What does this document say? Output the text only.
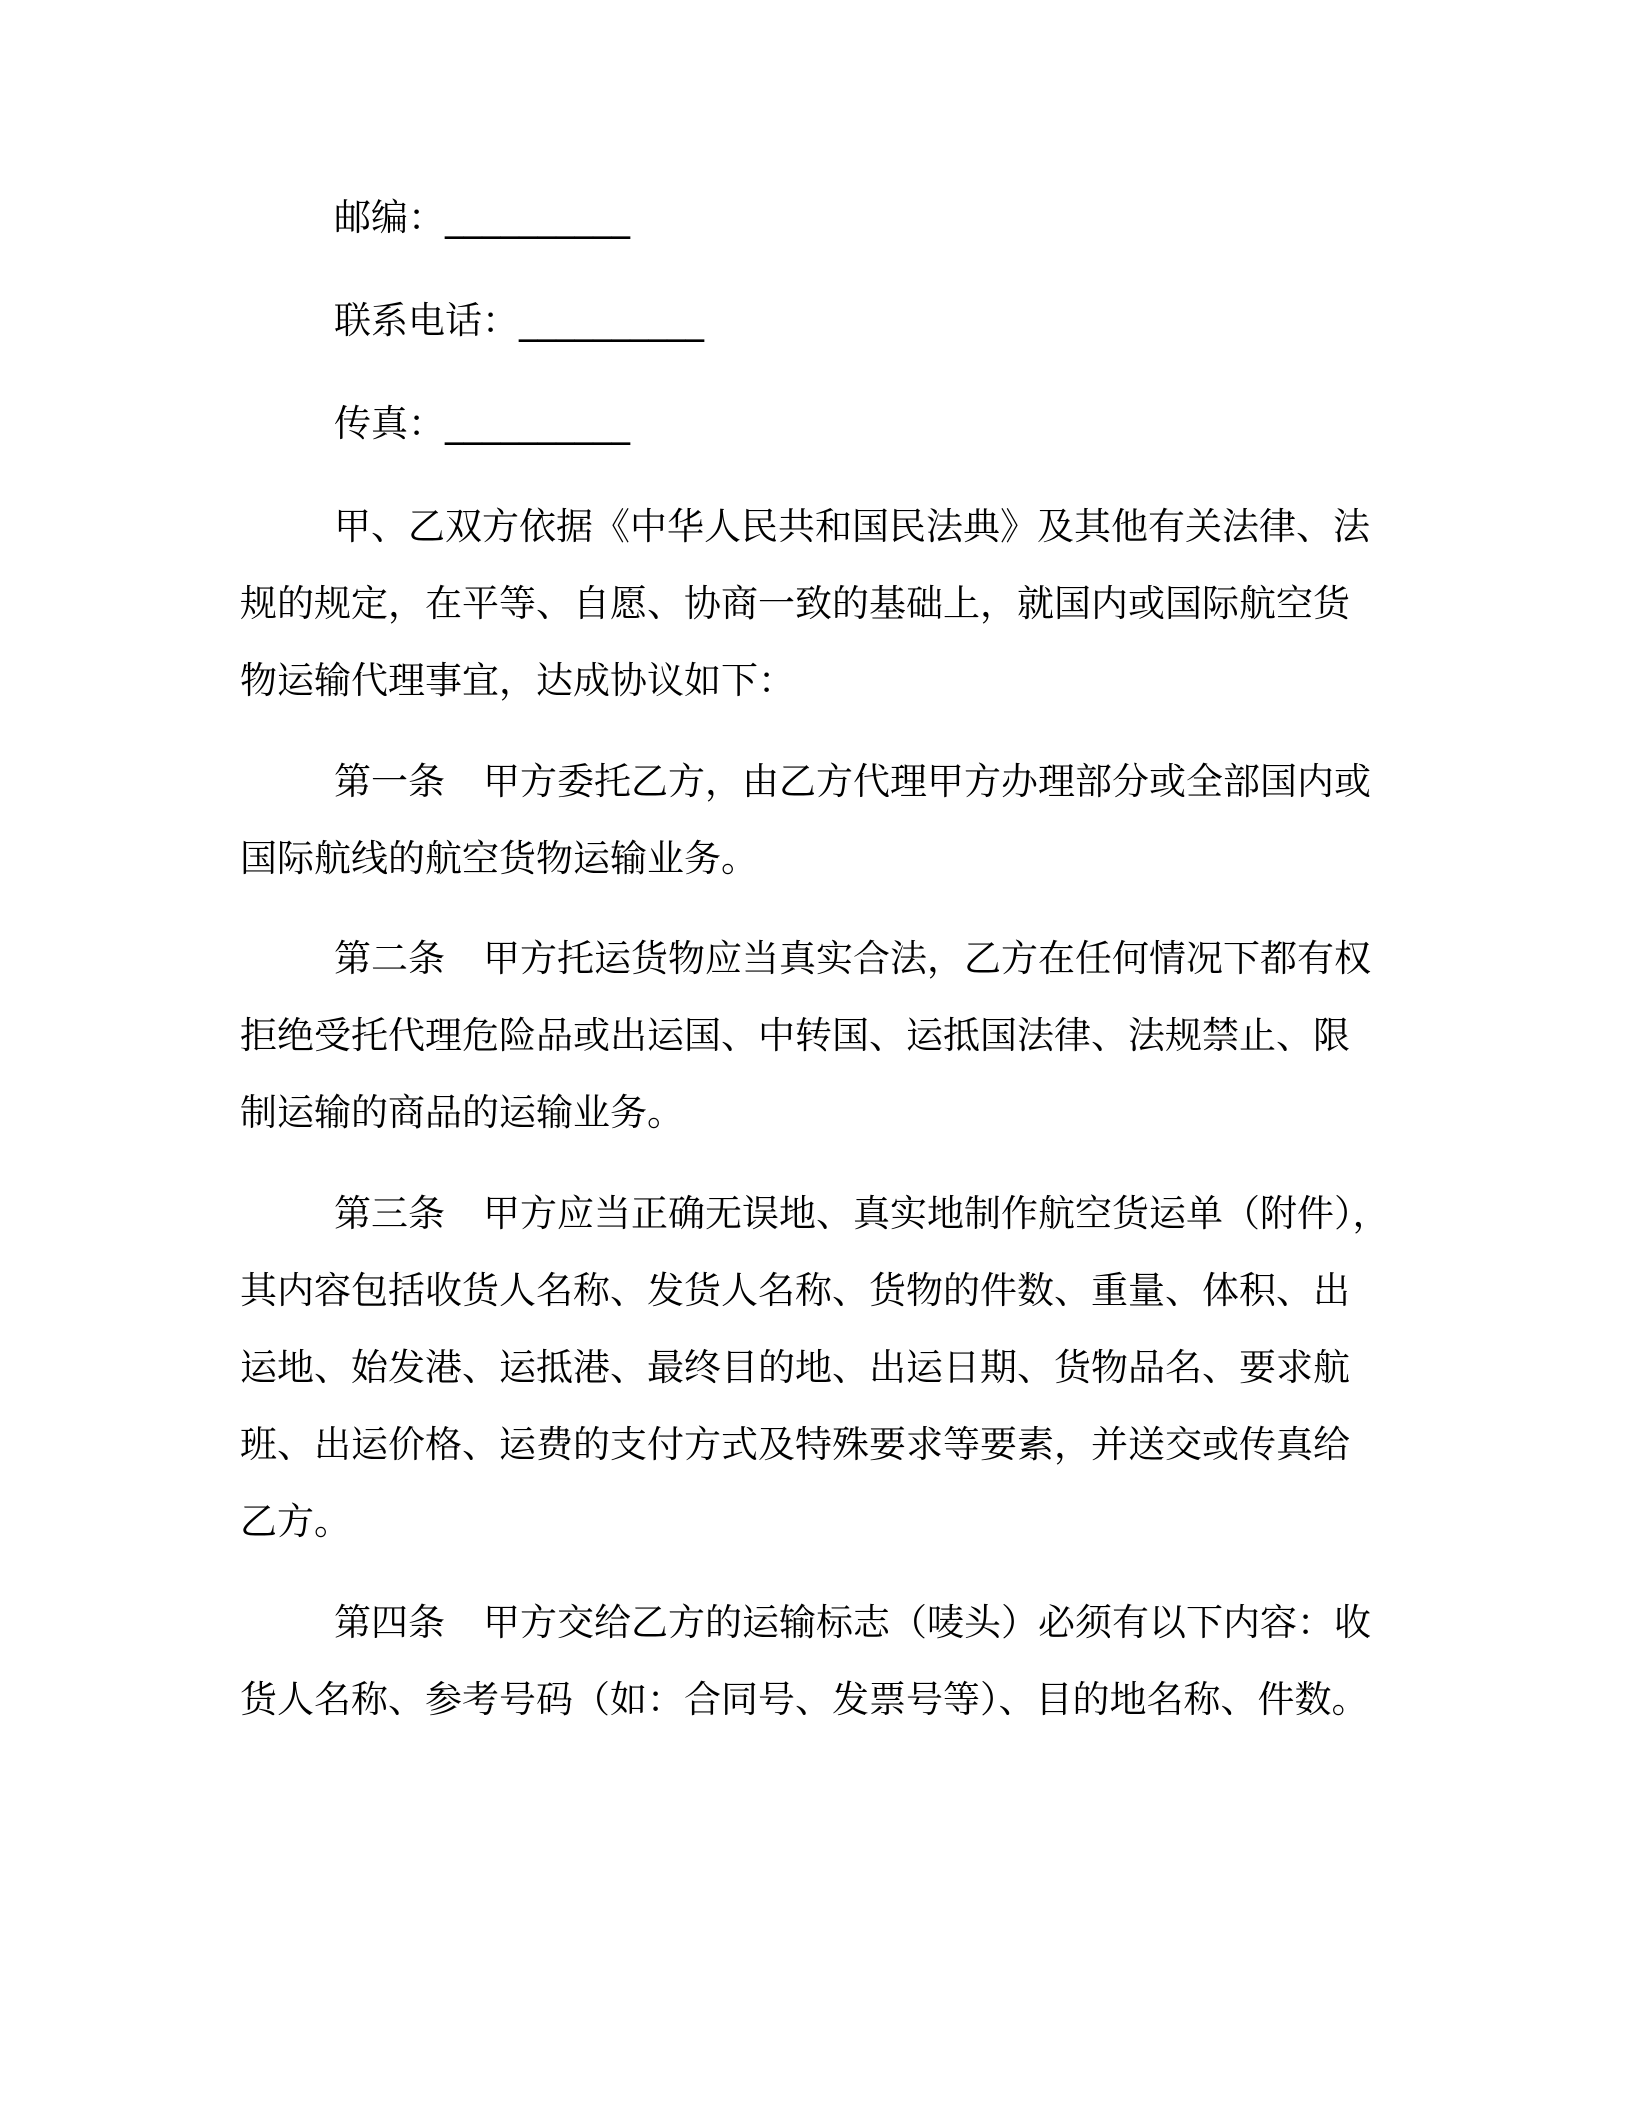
邮编：__________
联系电话：__________
传真：__________
甲、乙双方依据《中华人民共和国民法典》及其他有关法律、法
规的规定，在平等、自愿、协商一致的基础上，就国内或国际航空货
物运输代理事宜，达成协议如下：
第一条 甲方委托乙方，由乙方代理甲方办理部分或全部国内或
国际航线的航空货物运输业务。
第二条 甲方托运货物应当真实合法，乙方在任何情况下都有权
拒绝受托代理危险品或出运国、中转国、运抵国法律、法规禁止、限
制运输的商品的运输业务。
第三条 甲方应当正确无误地、真实地制作航空货运单（附件），
其内容包括收货人名称、发货人名称、货物的件数、重量、体积、出
运地、始发港、运抵港、最终目的地、出运日期、货物品名、要求航
班、出运价格、运费的支付方式及特殊要求等要素，并送交或传真给
乙方。
第四条 甲方交给乙方的运输标志（唛头）必须有以下内容：收
货人名称、参考号码（如：合同号、发票号等）、目的地名称、件数。
